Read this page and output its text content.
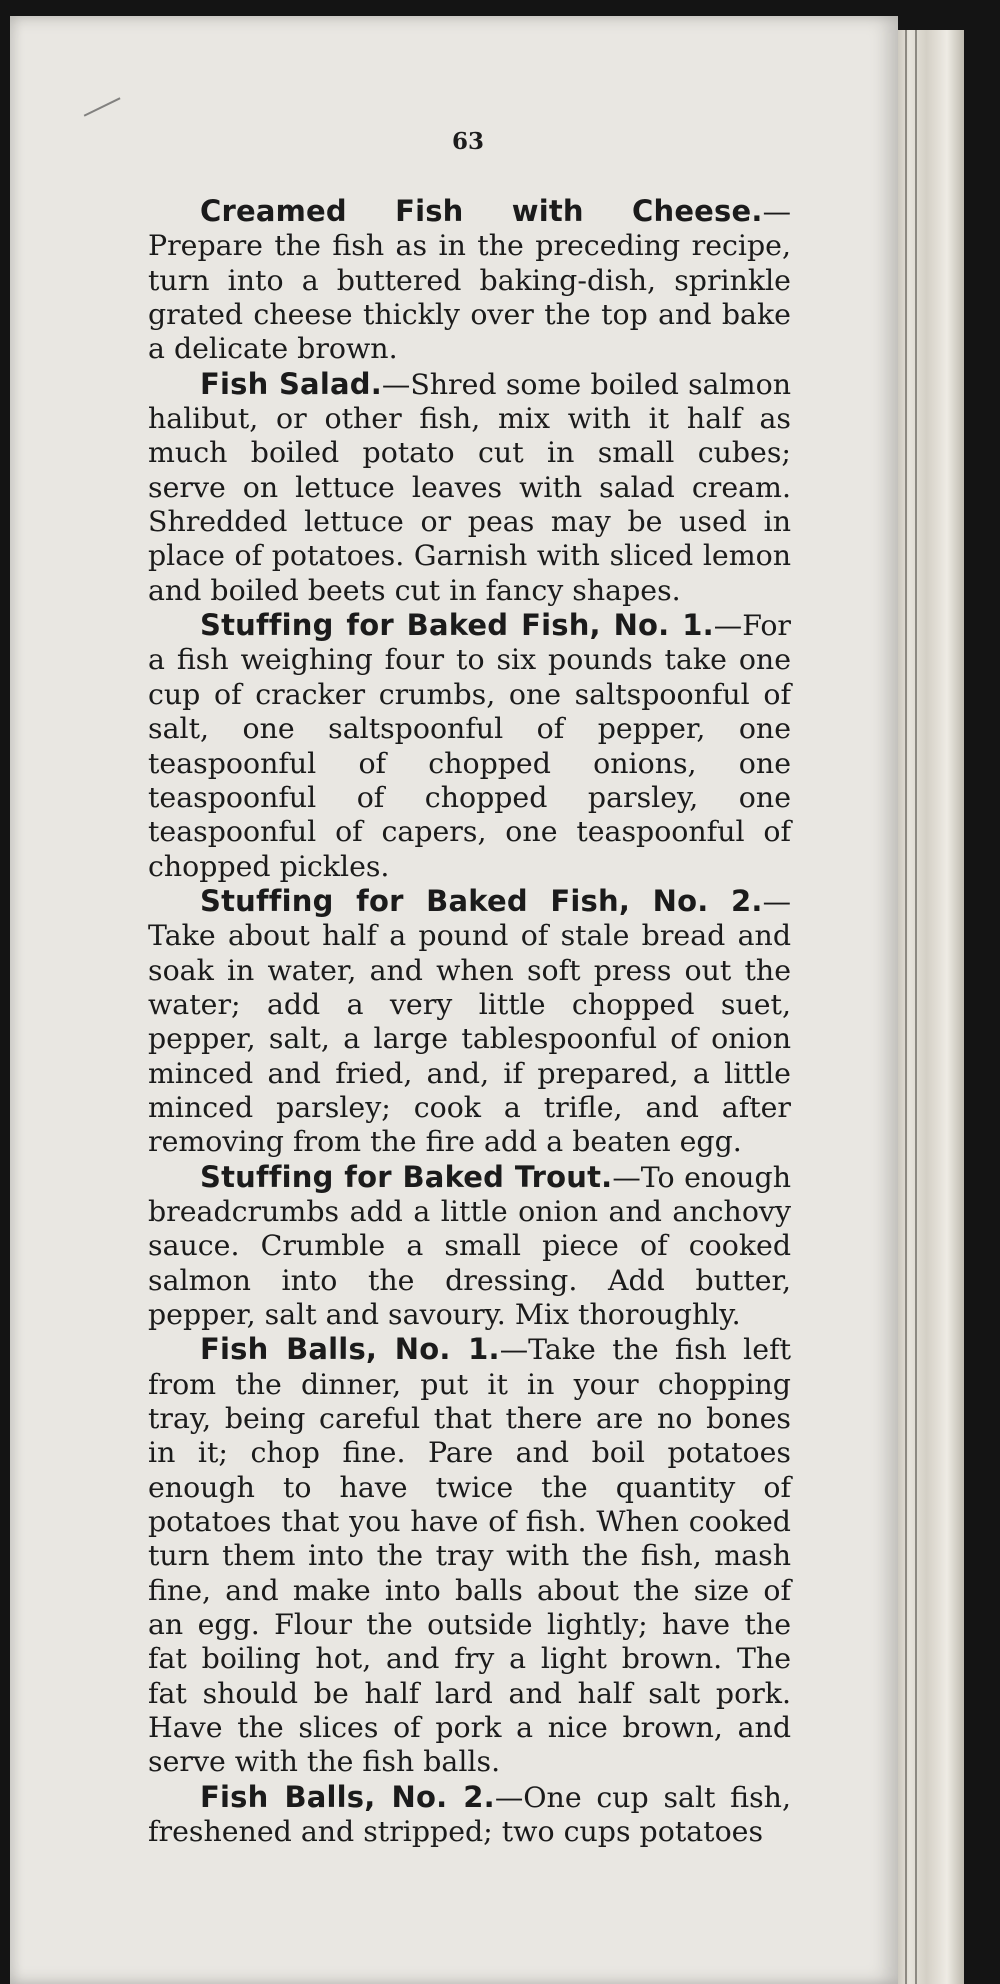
63

Creamed Fish with Cheese.—Prepare the fish as in the preceding recipe, turn into a buttered baking-dish, sprinkle grated cheese thickly over the top and bake a delicate brown.

Fish Salad.—Shred some boiled salmon halibut, or other fish, mix with it half as much boiled potato cut in small cubes; serve on lettuce leaves with salad cream. Shredded lettuce or peas may be used in place of potatoes. Garnish with sliced lemon and boiled beets cut in fancy shapes.

Stuffing for Baked Fish, No. 1.—For a fish weighing four to six pounds take one cup of cracker crumbs, one saltspoonful of salt, one saltspoonful of pepper, one teaspoonful of chopped onions, one teaspoonful of chopped parsley, one teaspoonful of capers, one teaspoonful of chopped pickles.

Stuffing for Baked Fish, No. 2.—Take about half a pound of stale bread and soak in water, and when soft press out the water; add a very little chopped suet, pepper, salt, a large tablespoonful of onion minced and fried, and, if prepared, a little minced parsley; cook a trifle, and after removing from the fire add a beaten egg.

Stuffing for Baked Trout.—To enough breadcrumbs add a little onion and anchovy sauce. Crumble a small piece of cooked salmon into the dressing. Add butter, pepper, salt and savoury. Mix thoroughly.

Fish Balls, No. 1.—Take the fish left from the dinner, put it in your chopping tray, being careful that there are no bones in it; chop fine. Pare and boil potatoes enough to have twice the quantity of potatoes that you have of fish. When cooked turn them into the tray with the fish, mash fine, and make into balls about the size of an egg. Flour the outside lightly; have the fat boiling hot, and fry a light brown. The fat should be half lard and half salt pork. Have the slices of pork a nice brown, and serve with the fish balls.

Fish Balls, No. 2.—One cup salt fish, freshened and stripped; two cups potatoes
